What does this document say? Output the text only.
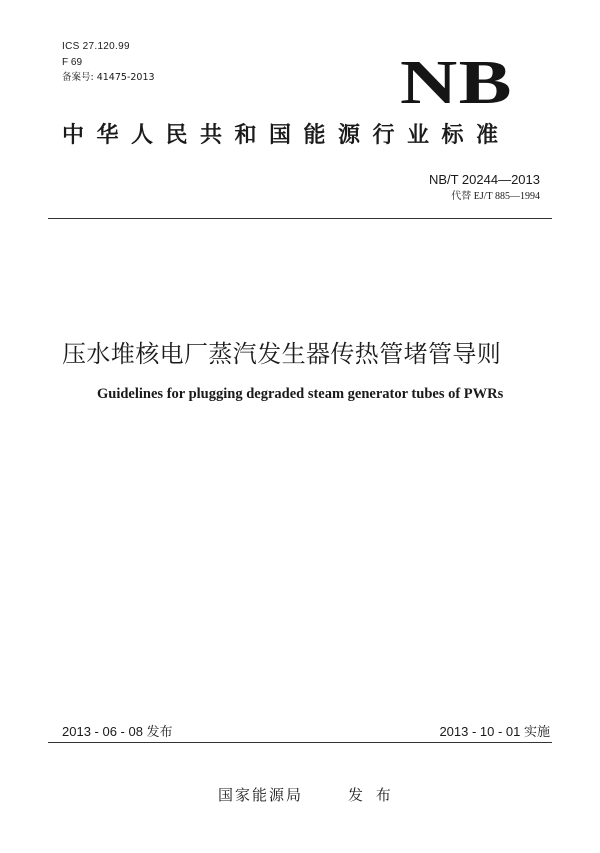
ICS 27.120.99
F 69
备案号: 41475-2013	NB
中华人民共和国能源行业标准
NB/T 20244—2013
代替 EJ/T 885—1994
压水堆核电厂蒸汽发生器传热管堵管导则
Guidelines for plugging degraded steam generator tubes of PWRs
2013 - 06 - 08 发布	2013 - 10 - 01 实施
国家能源局	发 布
